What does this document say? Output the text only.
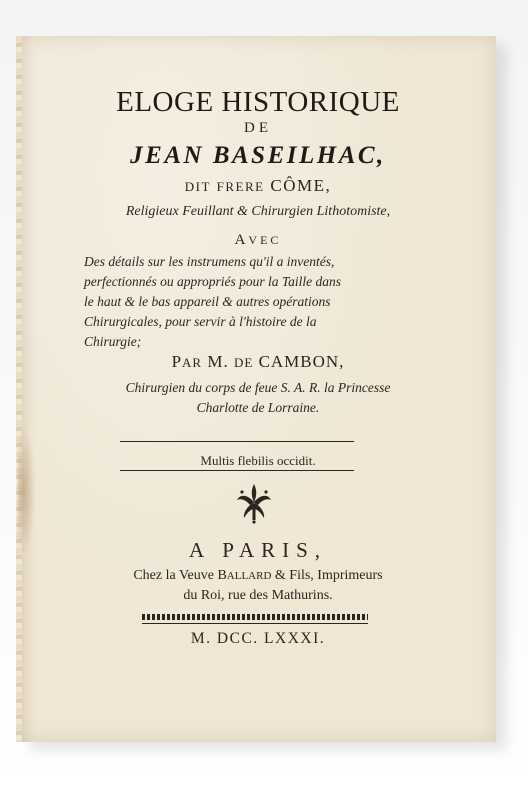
ELOGE HISTORIQUE
DE
JEAN BASEILHAC,
DIT FRERE CÔME,
Religieux Feuillant & Chirurgien Lithotomiste,
AVEC
Des détails sur les instrumens qu'il a inventés,
perfectionnés ou appropriés pour la Taille dans
le haut & le bas appareil & autres opérations
Chirurgicales, pour servir à l'histoire de la
Chirurgie;
PAR M. DE CAMBON,
Chirurgien du corps de feue S. A. R. la Princesse
Charlotte de Lorraine.
Multis flebilis occidit.
A PARIS,
Chez la Veuve BALLARD & Fils, Imprimeurs
du Roi, rue des Mathurins.
M. DCC. LXXXI.
